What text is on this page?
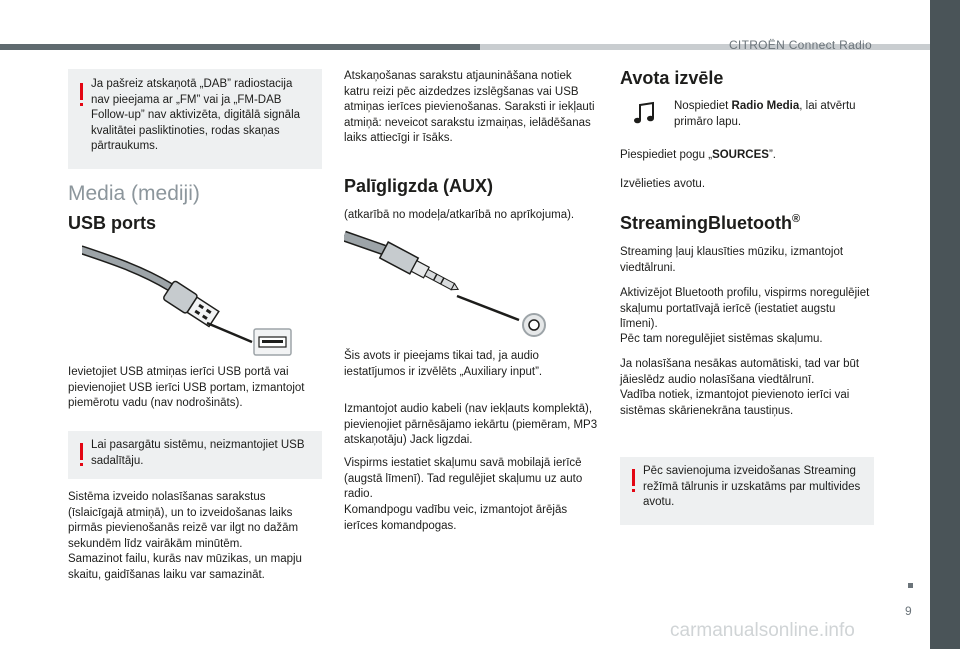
CITROËN Connect Radio
9

Ja pašreiz atskaņotā „DAB” radiostacija nav pieejama ar „FM” vai ja „FM-DAB Follow-up” nav aktivizēta, digitālā signāla kvalitātei pasliktinoties, rodas skaņas pārtraukums.

Media (mediji)
USB ports

Ievietojiet USB atmiņas ierīci USB portā vai pievienojiet USB ierīci USB portam, izmantojot piemērotu vadu (nav nodrošināts).

Lai pasargātu sistēmu, neizmantojiet USB sadalītāju.

Sistēma izveido nolasīšanas sarakstus (īslaicīgajā atmiņā), un to izveidošanas laiks pirmās pievienošanās reizē var ilgt no dažām sekundēm līdz vairākām minūtēm.

Samazinot failu, kurās nav mūzikas, un mapju skaitu, gaidīšanas laiku var samazināt.

Atskaņošanas sarakstu atjaunināšana notiek katru reizi pēc aizdedzes izslēgšanas vai USB atmiņas ierīces pievienošanas. Saraksti ir iekļauti atmiņā: neveicot sarakstu izmaiņas, ielādēšanas laiks attiecīgi ir īsāks.

Palīgligzda (AUX)

(atkarībā no modeļa/atkarībā no aprīkojuma).

Šis avots ir pieejams tikai tad, ja audio iestatījumos ir izvēlēts „Auxiliary input”.

Izmantojot audio kabeli (nav iekļauts komplektā), pievienojiet pārnēsājamo iekārtu (piemēram, MP3 atskaņotāju) Jack ligzdai.

Vispirms iestatiet skaļumu savā mobilajā ierīcē (augstā līmenī). Tad regulējiet skaļumu uz auto radio.

Komandpogu vadību veic, izmantojot ārējās ierīces komandpogas.

Avota izvēle

Nospiediet Radio Media, lai atvērtu primāro lapu.

Piespiediet pogu „SOURCES”.

Izvēlieties avotu.

StreamingBluetooth®

Streaming ļauj klausīties mūziku, izmantojot viedtālruni.

Aktivizējot Bluetooth profilu, vispirms noregulējiet skaļumu portatīvajā ierīcē (iestatiet augstu līmeni).

Pēc tam noregulējiet sistēmas skaļumu.

Ja nolasīšana nesākas automātiski, tad var būt jāieslēdz audio nolasīšana viedtālrunī.

Vadība notiek, izmantojot pievienoto ierīci vai sistēmas skārienekrāna taustiņus.

Pēc savienojuma izveidošanas Streaming režīmā tālrunis ir uzskatāms par multivides avotu.

carmanualsonline.info
